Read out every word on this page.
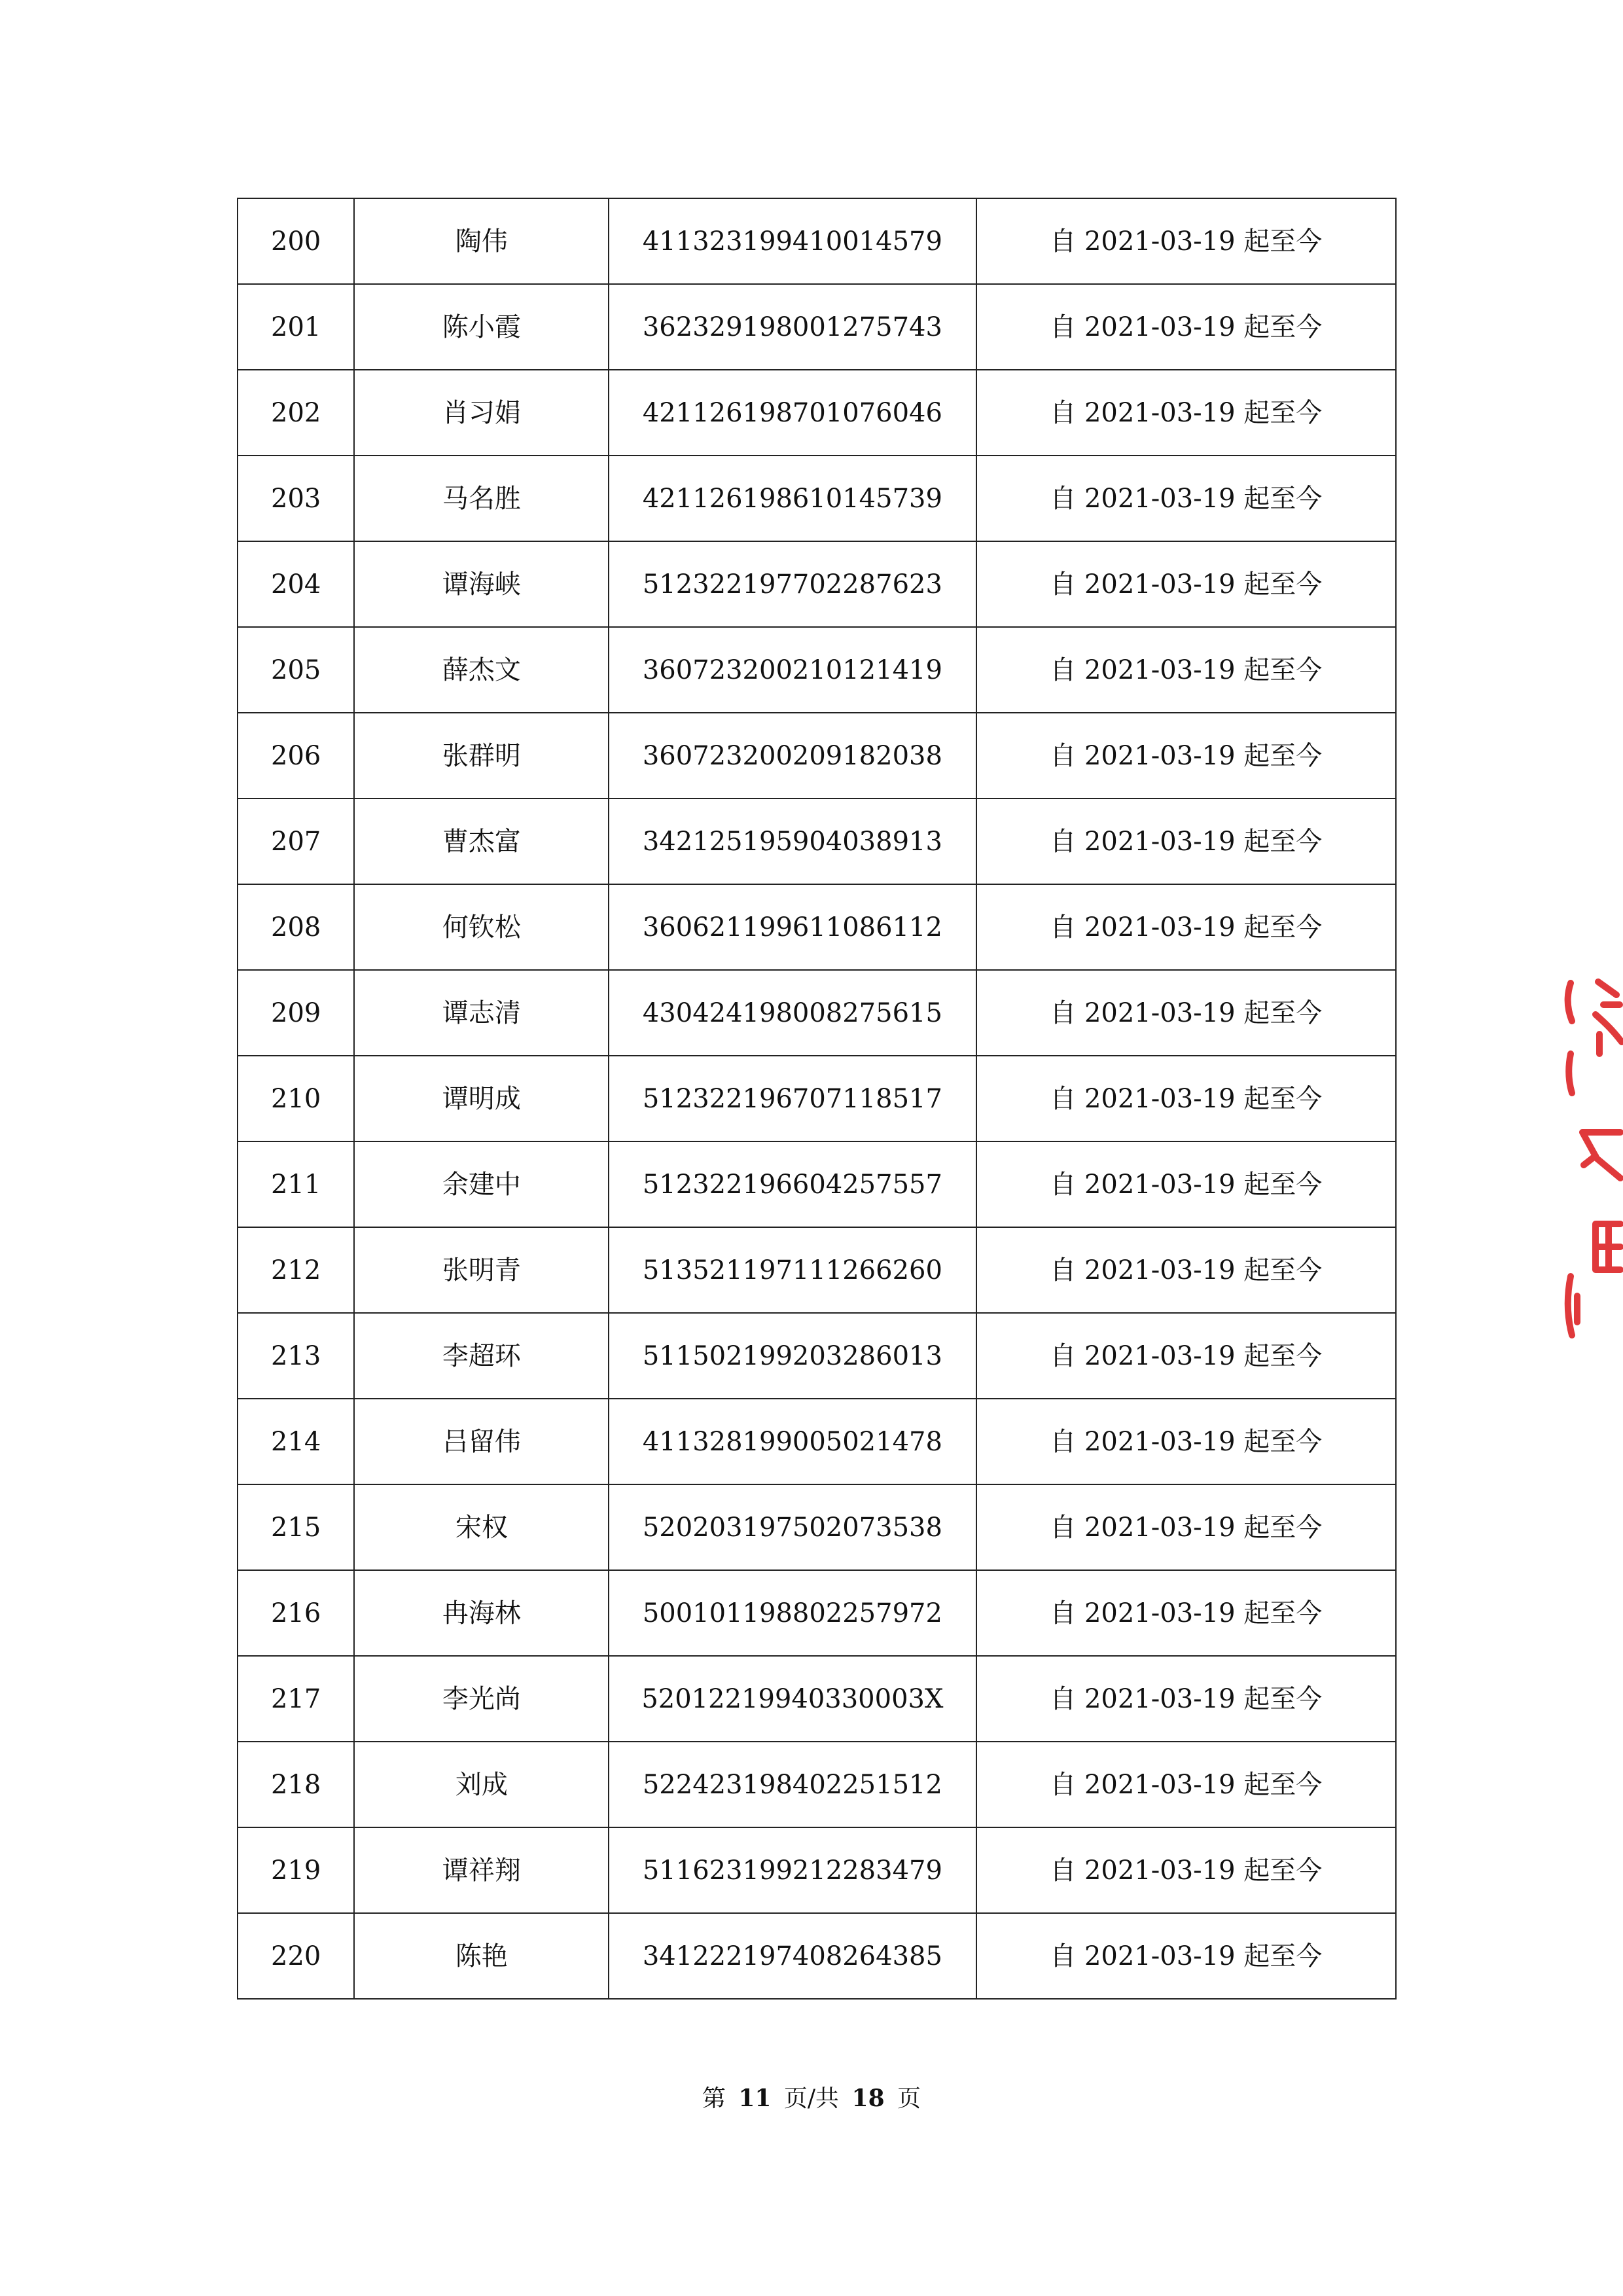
200	陶伟	411323199410014579	自 2021-03-19 起至今
201	陈小霞	362329198001275743	自 2021-03-19 起至今
202	肖习娟	421126198701076046	自 2021-03-19 起至今
203	马名胜	421126198610145739	自 2021-03-19 起至今
204	谭海峡	512322197702287623	自 2021-03-19 起至今
205	薛杰文	360723200210121419	自 2021-03-19 起至今
206	张群明	360723200209182038	自 2021-03-19 起至今
207	曹杰富	342125195904038913	自 2021-03-19 起至今
208	何钦松	360621199611086112	自 2021-03-19 起至今
209	谭志清	430424198008275615	自 2021-03-19 起至今
210	谭明成	512322196707118517	自 2021-03-19 起至今
211	余建中	512322196604257557	自 2021-03-19 起至今
212	张明青	513521197111266260	自 2021-03-19 起至今
213	李超环	511502199203286013	自 2021-03-19 起至今
214	吕留伟	411328199005021478	自 2021-03-19 起至今
215	宋权	520203197502073538	自 2021-03-19 起至今
216	冉海林	500101198802257972	自 2021-03-19 起至今
217	李光尚	52012219940330003X	自 2021-03-19 起至今
218	刘成	522423198402251512	自 2021-03-19 起至今
219	谭祥翔	511623199212283479	自 2021-03-19 起至今
220	陈艳	341222197408264385	自 2021-03-19 起至今
第 11 页/共 18 页
